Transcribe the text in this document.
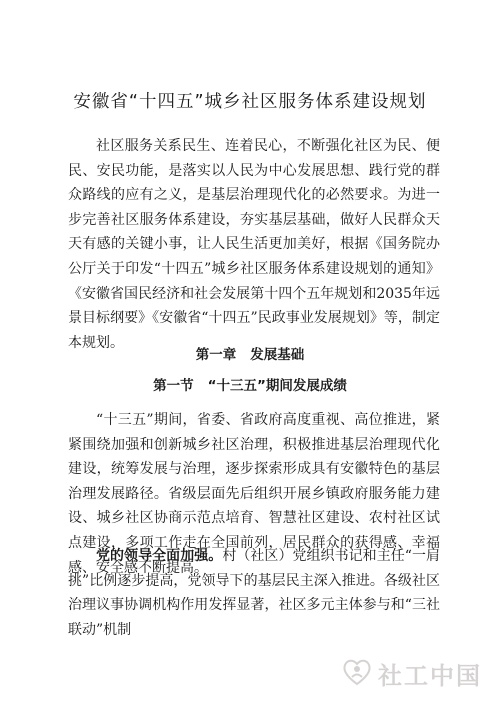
安徽省“十四五”城乡社区服务体系建设规划

社区服务关系民生、连着民心，不断强化社区为民、便民、安民功能，是落实以人民为中心发展思想、践行党的群众路线的应有之义，是基层治理现代化的必然要求。为进一步完善社区服务体系建设，夯实基层基础，做好人民群众天天有感的关键小事，让人民生活更加美好，根据《国务院办公厅关于印发“十四五”城乡社区服务体系建设规划的通知》《安徽省国民经济和社会发展第十四个五年规划和2035年远景目标纲要》《安徽省“十四五”民政事业发展规划》等，制定本规划。

第一章 发展基础
第一节 “十三五”期间发展成绩

“十三五”期间，省委、省政府高度重视、高位推进，紧紧围绕加强和创新城乡社区治理，积极推进基层治理现代化建设，统筹发展与治理，逐步探索形成具有安徽特色的基层治理发展路径。省级层面先后组织开展乡镇政府服务能力建设、城乡社区协商示范点培育、智慧社区建设、农村社区试点建设，多项工作走在全国前列，居民群众的获得感、幸福感、安全感不断提高。

党的领导全面加强。村（社区）党组织书记和主任“一肩挑”比例逐步提高，党领导下的基层民主深入推进。各级社区治理议事协调机构作用发挥显著，社区多元主体参与和“三社联动”机制

社工中国
